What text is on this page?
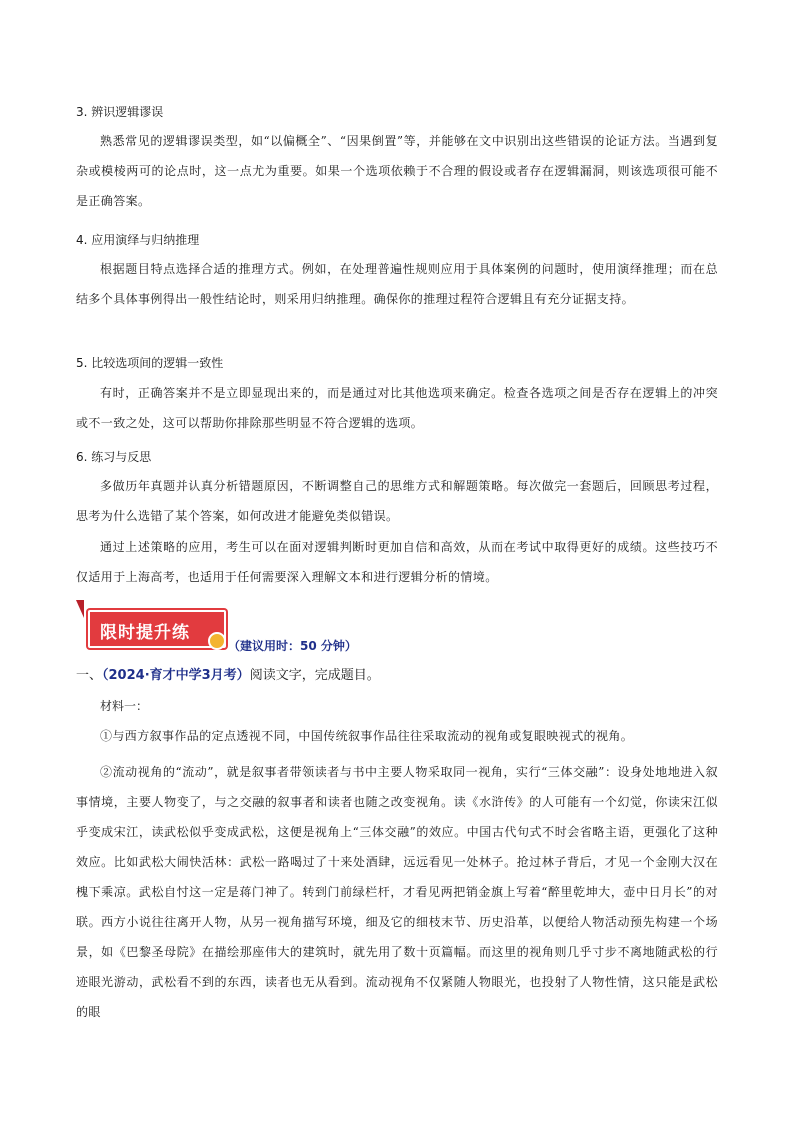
3. 辨识逻辑谬误
熟悉常见的逻辑谬误类型，如“以偏概全”、“因果倒置”等，并能够在文中识别出这些错误的论证方法。当遇到复杂或模棱两可的论点时，这一点尤为重要。如果一个选项依赖于不合理的假设或者存在逻辑漏洞，则该选项很可能不是正确答案。
4. 应用演绎与归纳推理
根据题目特点选择合适的推理方式。例如，在处理普遍性规则应用于具体案例的问题时，使用演绎推理；而在总结多个具体事例得出一般性结论时，则采用归纳推理。确保你的推理过程符合逻辑且有充分证据支持。
5. 比较选项间的逻辑一致性
有时，正确答案并不是立即显现出来的，而是通过对比其他选项来确定。检查各选项之间是否存在逻辑上的冲突或不一致之处，这可以帮助你排除那些明显不符合逻辑的选项。
6. 练习与反思
多做历年真题并认真分析错题原因，不断调整自己的思维方式和解题策略。每次做完一套题后，回顾思考过程，思考为什么选错了某个答案，如何改进才能避免类似错误。
通过上述策略的应用，考生可以在面对逻辑判断时更加自信和高效，从而在考试中取得更好的成绩。这些技巧不仅适用于上海高考，也适用于任何需要深入理解文本和进行逻辑分析的情境。
限时提升练
（建议用时：50 分钟）
一、（2024·育才中学3月考）阅读文字，完成题目。
材料一：
①与西方叙事作品的定点透视不同，中国传统叙事作品往往采取流动的视角或复眼映视式的视角。
②流动视角的“流动”，就是叙事者带领读者与书中主要人物采取同一视角，实行“三体交融”：设身处地地进入叙事情境，主要人物变了，与之交融的叙事者和读者也随之改变视角。读《水浒传》的人可能有一个幻觉，你读宋江似乎变成宋江，读武松似乎变成武松，这便是视角上“三体交融”的效应。中国古代句式不时会省略主语，更强化了这种效应。比如武松大闹快活林：武松一路喝过了十来处酒肆，远远看见一处林子。抢过林子背后，才见一个金刚大汉在槐下乘凉。武松自忖这一定是蒋门神了。转到门前绿栏杆，才看见两把销金旗上写着“醉里乾坤大，壶中日月长”的对联。西方小说往往离开人物，从另一视角描写环境，细及它的细枝末节、历史沿革，以便给人物活动预先构建一个场景，如《巴黎圣母院》在描绘那座伟大的建筑时，就先用了数十页篇幅。而这里的视角则几乎寸步不离地随武松的行迹眼光游动，武松看不到的东西，读者也无从看到。流动视角不仅紧随人物眼光，也投射了人物性情，这只能是武松的眼
